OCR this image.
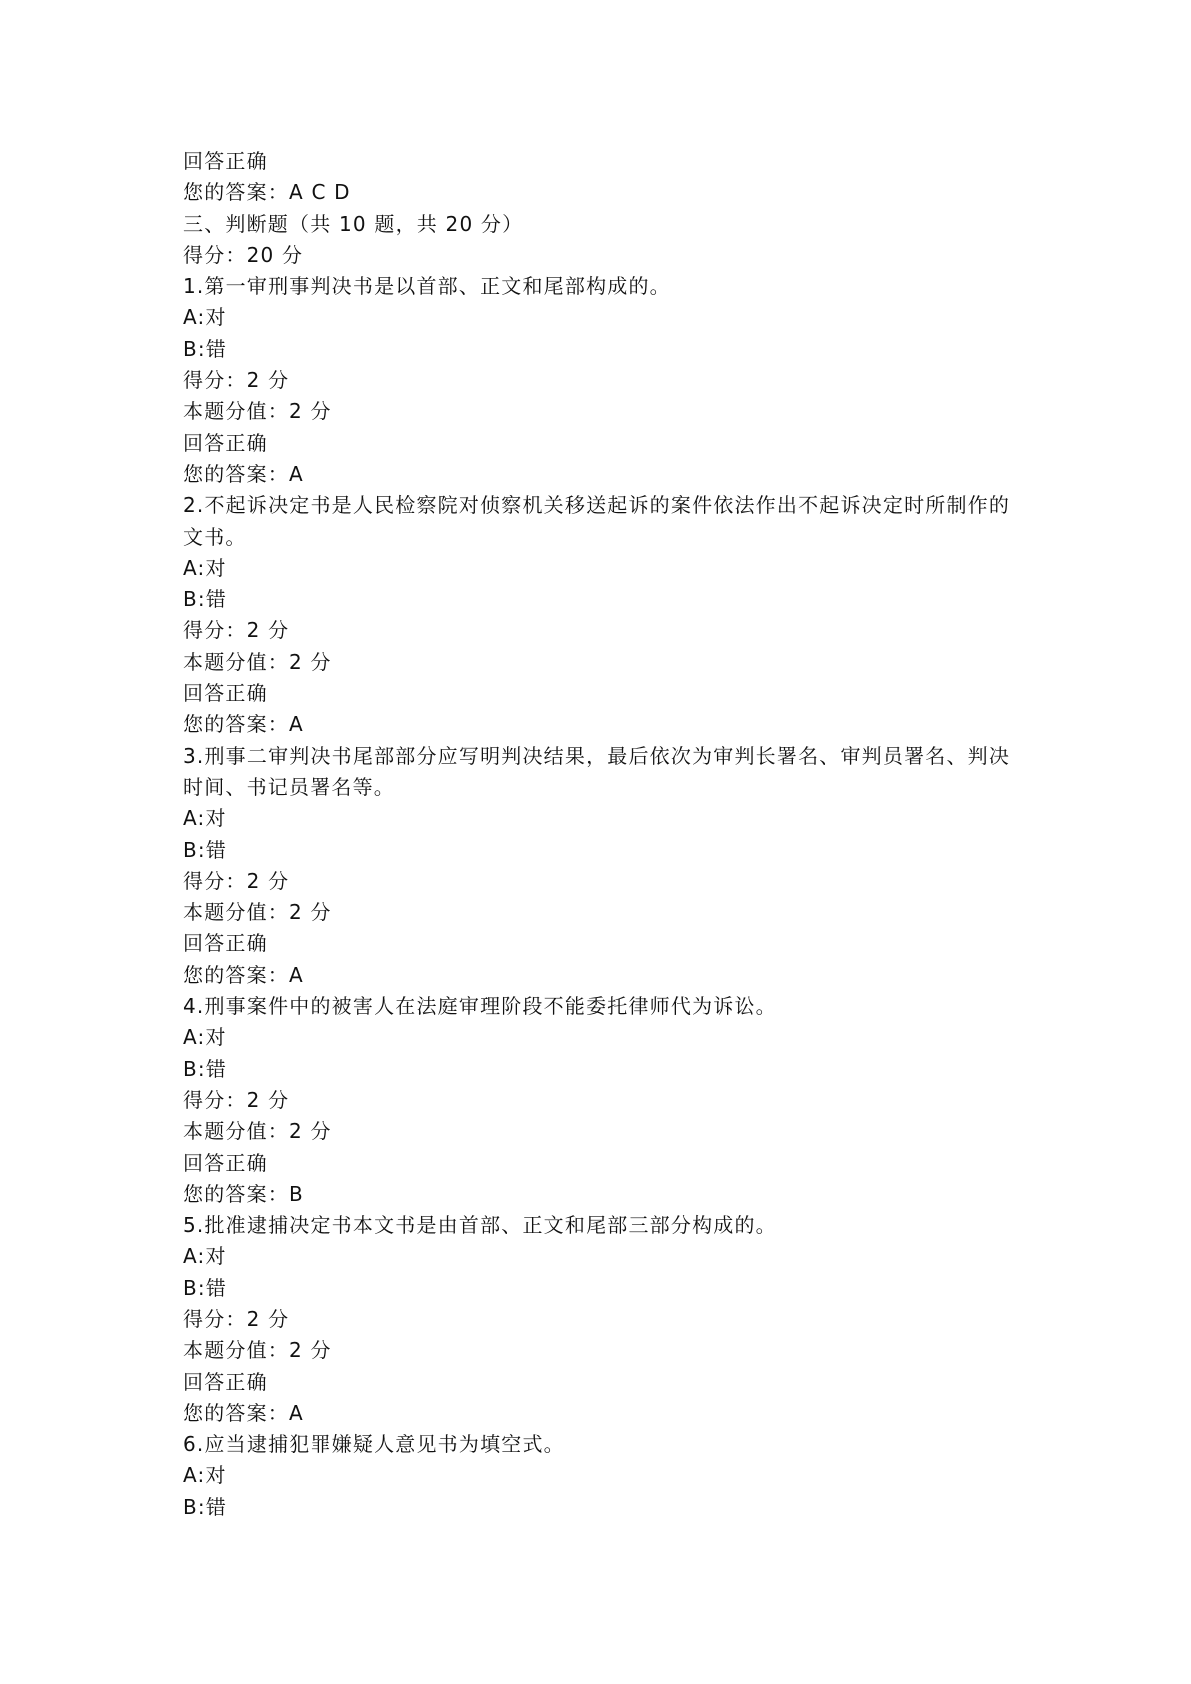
回答正确
您的答案：A C D
三、判断题（共 10 题，共 20 分）
得分：20 分
1.第一审刑事判决书是以首部、正文和尾部构成的。
A:对
B:错
得分：2 分
本题分值：2 分
回答正确
您的答案：A
2.不起诉决定书是人民检察院对侦察机关移送起诉的案件依法作出不起诉决定时所制作的文书。
A:对
B:错
得分：2 分
本题分值：2 分
回答正确
您的答案：A
3.刑事二审判决书尾部部分应写明判决结果，最后依次为审判长署名、审判员署名、判决时间、书记员署名等。
A:对
B:错
得分：2 分
本题分值：2 分
回答正确
您的答案：A
4.刑事案件中的被害人在法庭审理阶段不能委托律师代为诉讼。
A:对
B:错
得分：2 分
本题分值：2 分
回答正确
您的答案：B
5.批准逮捕决定书本文书是由首部、正文和尾部三部分构成的。
A:对
B:错
得分：2 分
本题分值：2 分
回答正确
您的答案：A
6.应当逮捕犯罪嫌疑人意见书为填空式。
A:对
B:错
